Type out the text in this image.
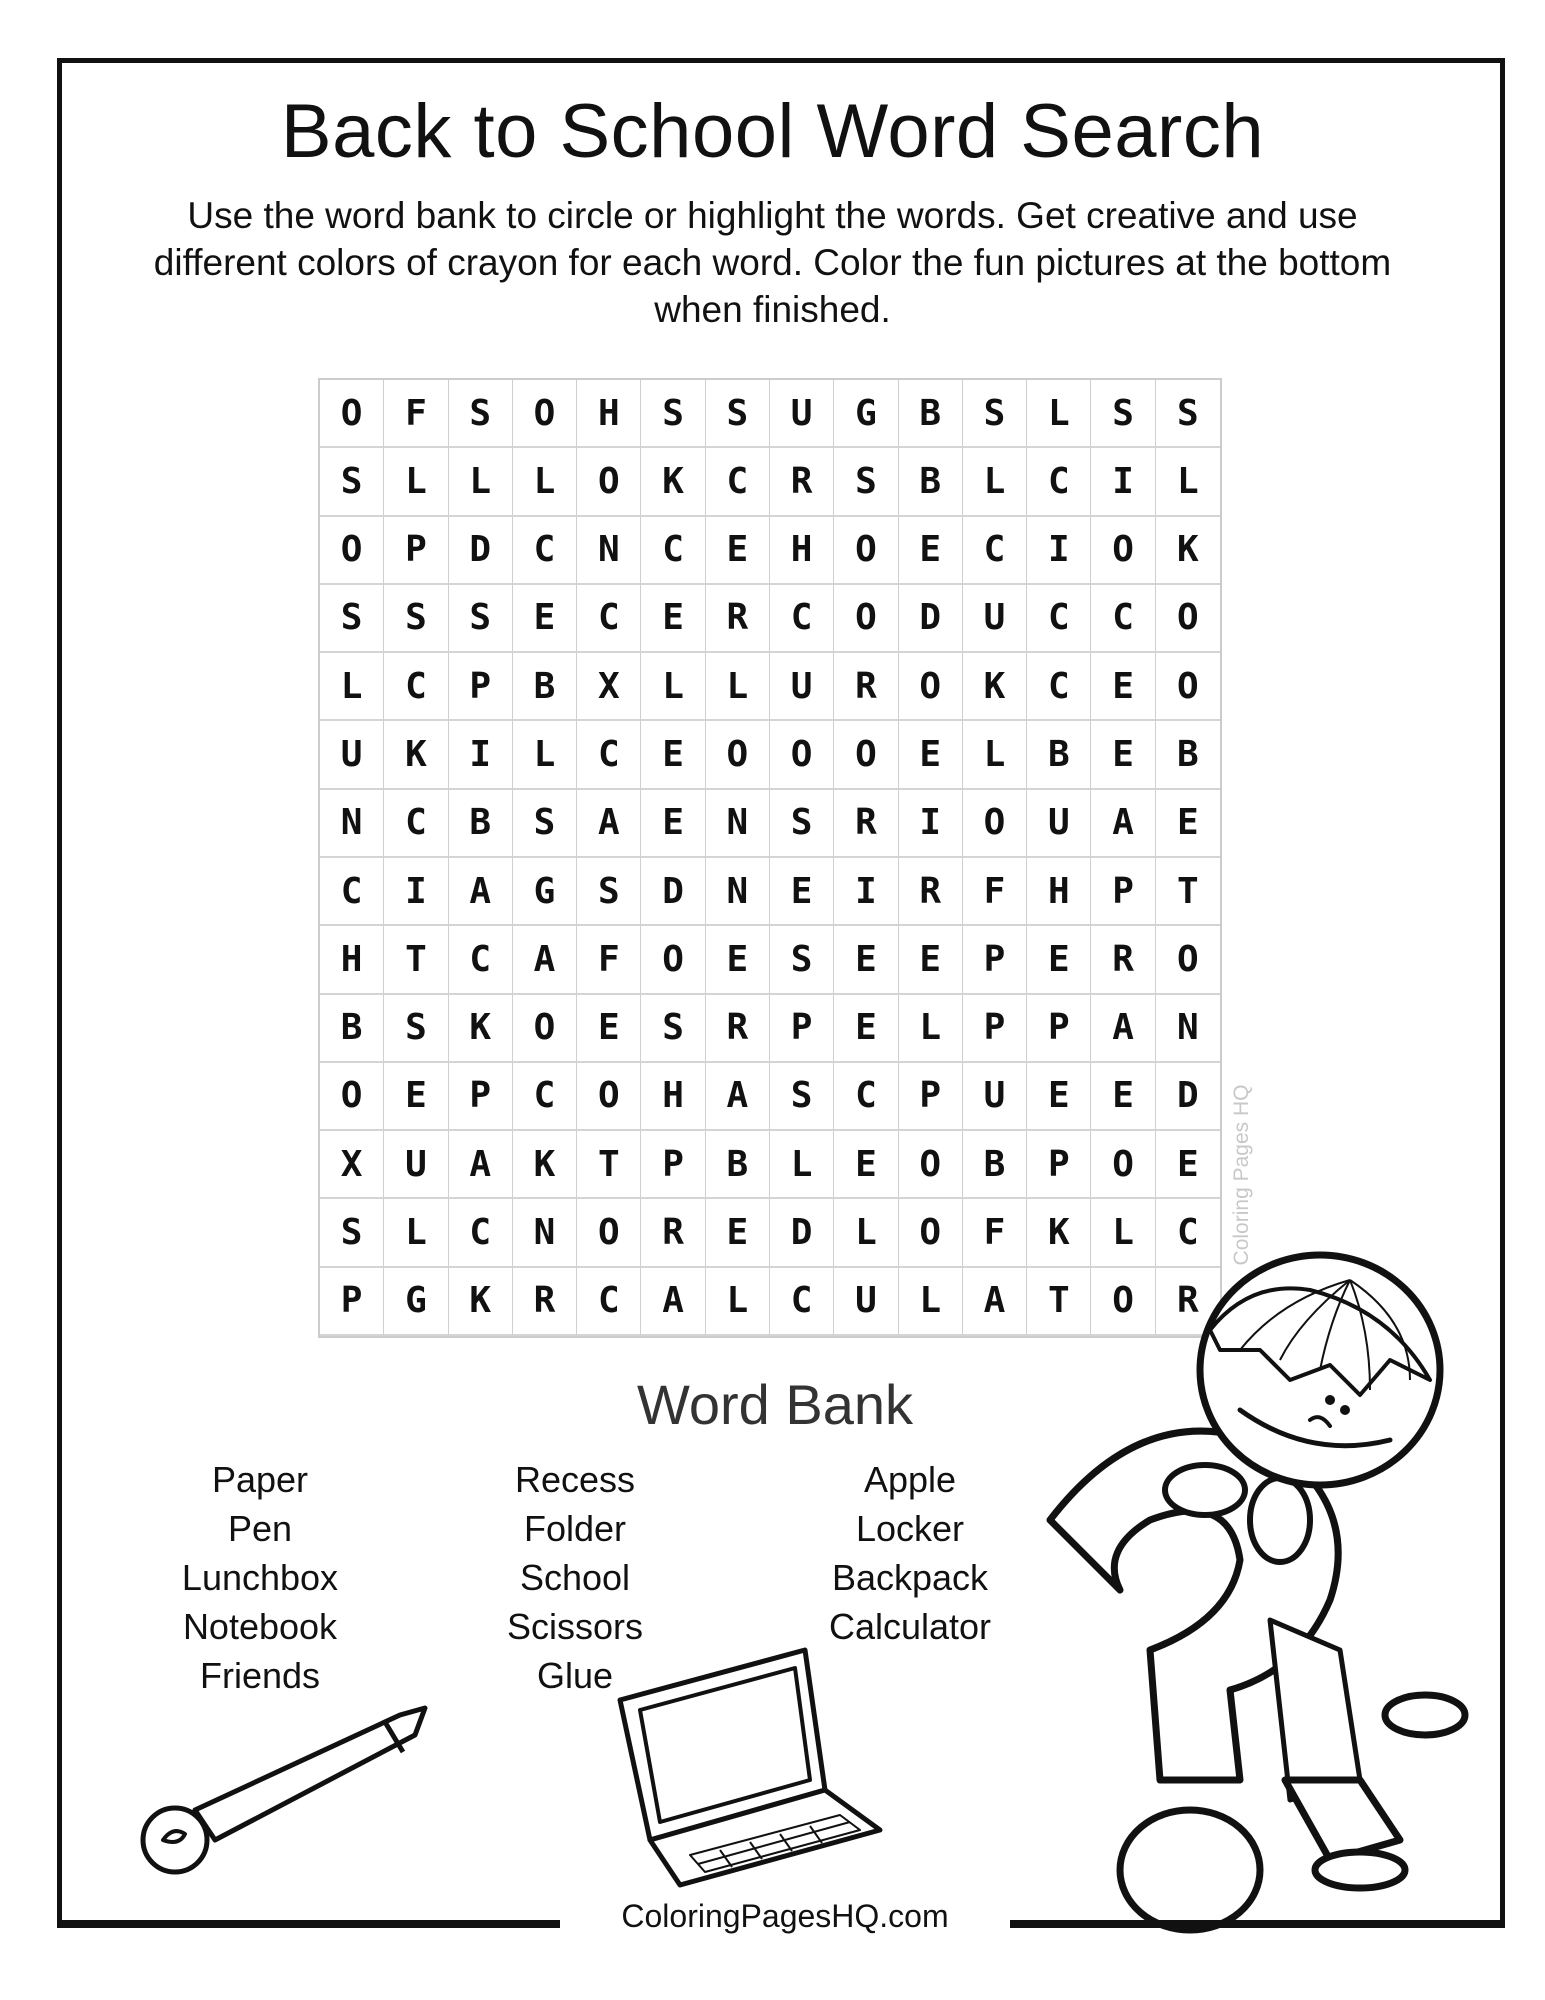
Back to School Word Search
Use the word bank to circle or highlight the words. Get creative and use different colors of crayon for each word. Color the fun pictures at the bottom when finished.
O	F	S	O	H	S	S	U	G	B	S	L	S	S
S	L	L	L	O	K	C	R	S	B	L	C	I	L
O	P	D	C	N	C	E	H	O	E	C	I	O	K
S	S	S	E	C	E	R	C	O	D	U	C	C	O
L	C	P	B	X	L	L	U	R	O	K	C	E	O
U	K	I	L	C	E	O	O	O	E	L	B	E	B
N	C	B	S	A	E	N	S	R	I	O	U	A	E
C	I	A	G	S	D	N	E	I	R	F	H	P	T
H	T	C	A	F	O	E	S	E	E	P	E	R	O
B	S	K	O	E	S	R	P	E	L	P	P	A	N
O	E	P	C	O	H	A	S	C	P	U	E	E	D
X	U	A	K	T	P	B	L	E	O	B	P	O	E
S	L	C	N	O	R	E	D	L	O	F	K	L	C
P	G	K	R	C	A	L	C	U	L	A	T	O	R
Coloring Pages HQ
Word Bank
Paper
Pen
Lunchbox
Notebook
Friends
Recess
Folder
School
Scissors
Glue
Apple
Locker
Backpack
Calculator
ColoringPagesHQ.com
